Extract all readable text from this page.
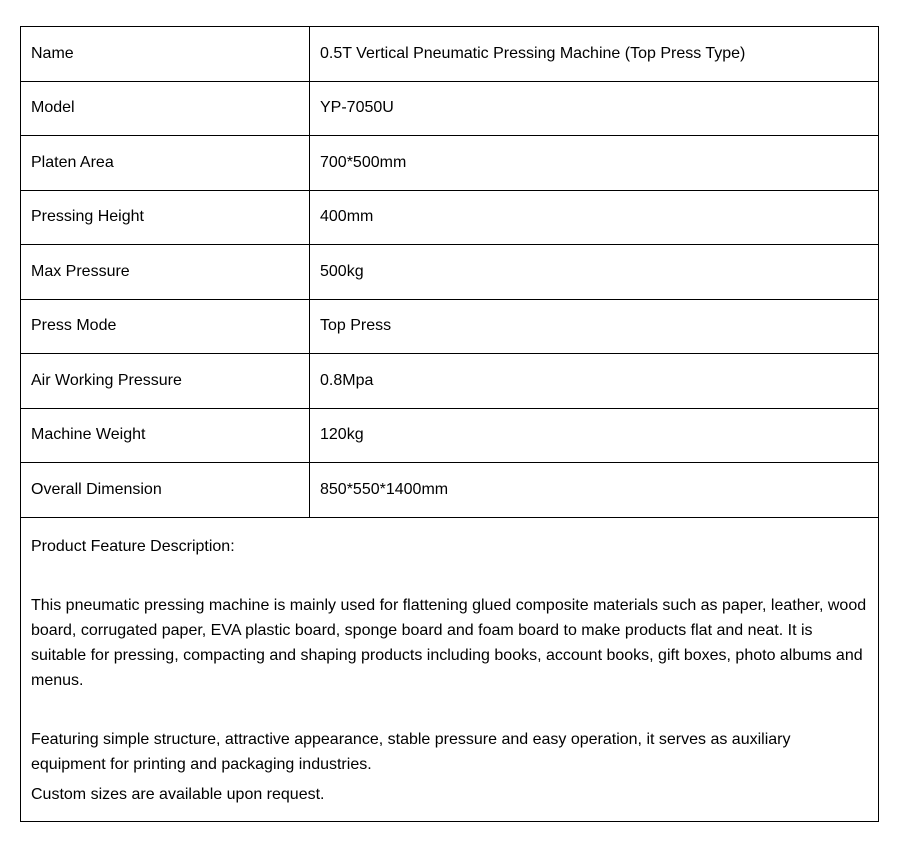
Name	0.5T Vertical Pneumatic Pressing Machine (Top Press Type)
Model	YP-7050U
Platen Area	700*500mm
Pressing Height	400mm
Max Pressure	500kg
Press Mode	Top Press
Air Working Pressure	0.8Mpa
Machine Weight	120kg
Overall Dimension	850*550*1400mm

Product Feature Description:
This pneumatic pressing machine is mainly used for flattening glued composite materials such as paper, leather, wood board, corrugated paper, EVA plastic board, sponge board and foam board to make products flat and neat. It is suitable for pressing, compacting and shaping products including books, account books, gift boxes, photo albums and menus.
Featuring simple structure, attractive appearance, stable pressure and easy operation, it serves as auxiliary equipment for printing and packaging industries.
Custom sizes are available upon request.	
